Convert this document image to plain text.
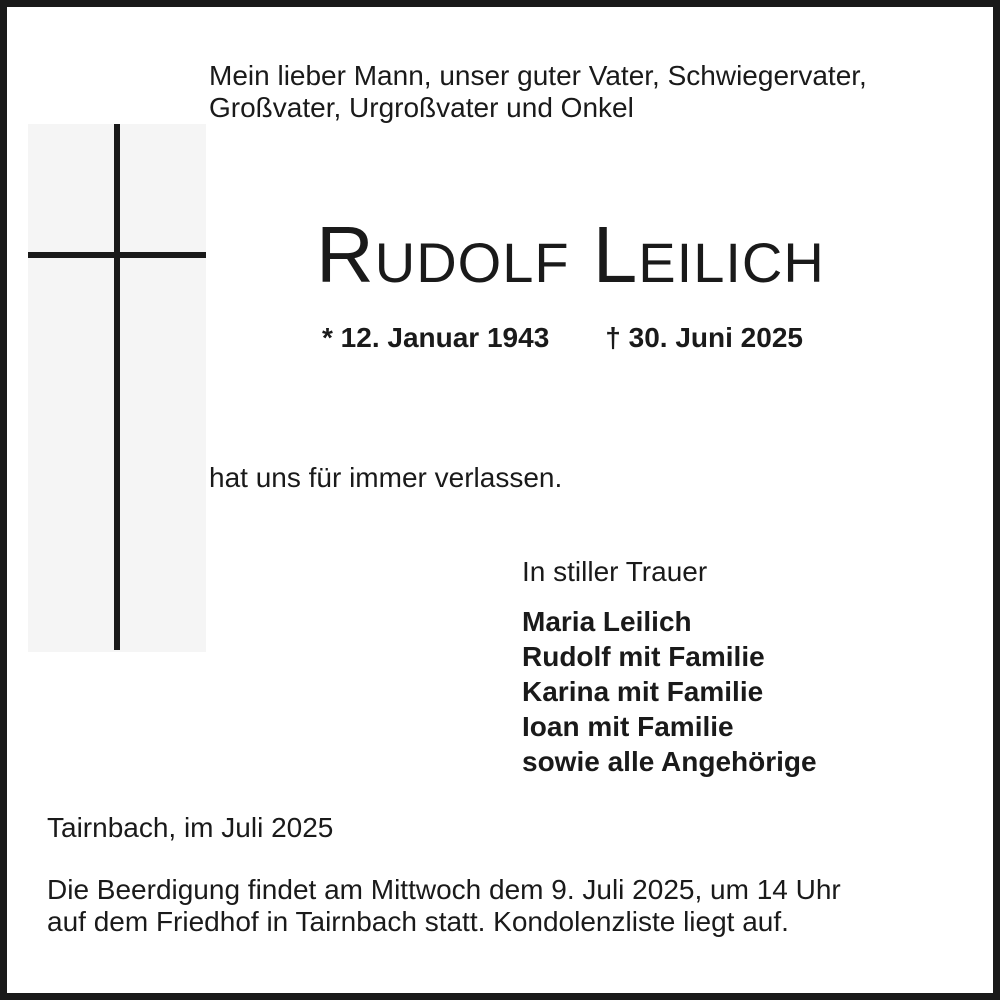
Mein lieber Mann, unser guter Vater, Schwiegervater,
Großvater, Urgroßvater und Onkel
Rudolf Leilich
* 12. Januar 1943 † 30. Juni 2025
hat uns für immer verlassen.
In stiller Trauer
Maria Leilich
Rudolf mit Familie
Karina mit Familie
Ioan mit Familie
sowie alle Angehörige
Tairnbach, im Juli 2025
Die Beerdigung findet am Mittwoch dem 9. Juli 2025, um 14 Uhr
auf dem Friedhof in Tairnbach statt. Kondolenzliste liegt auf.
